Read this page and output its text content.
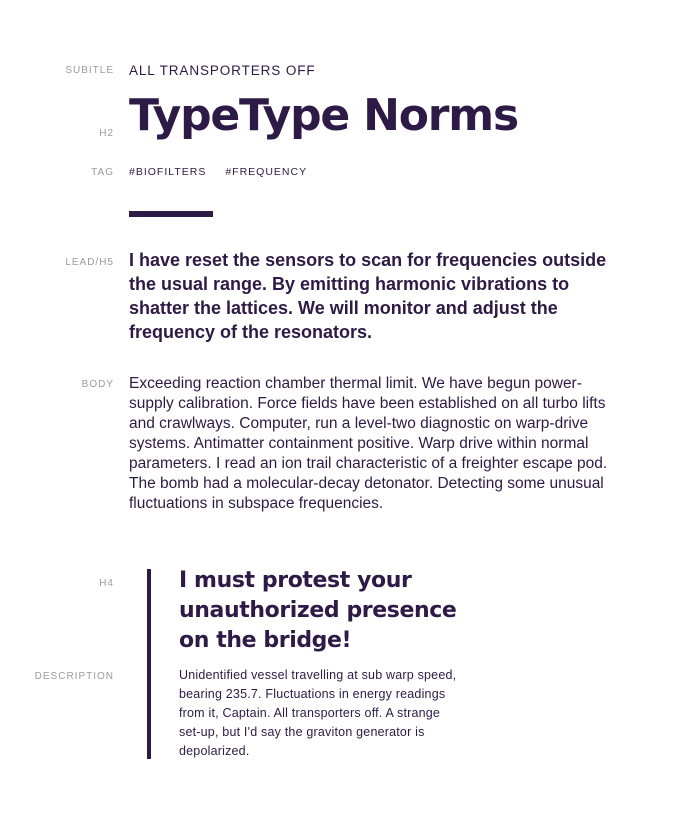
SUBITLE ALL TRANSPORTERS OFF
H2 TypeType Norms
TAG #BIOFILTERS #FREQUENCY
LEAD/H5 I have reset the sensors to scan for frequencies outside the usual range. By emitting harmonic vibrations to shatter the lattices. We will monitor and adjust the frequency of the resonators.
BODY Exceeding reaction chamber thermal limit. We have begun power-supply calibration. Force fields have been established on all turbo lifts and crawlways. Computer, run a level-two diagnostic on warp-drive systems. Antimatter containment positive. Warp drive within normal parameters. I read an ion trail characteristic of a freighter escape pod. The bomb had a molecular-decay detonator. Detecting some unusual fluctuations in subspace frequencies.
H4	I must protest your unauthorized presence on the bridge!
DESCRIPTION	Unidentified vessel travelling at sub warp speed, bearing 235.7. Fluctuations in energy readings from it, Captain. All transporters off. A strange set-up, but I'd say the graviton generator is depolarized.
